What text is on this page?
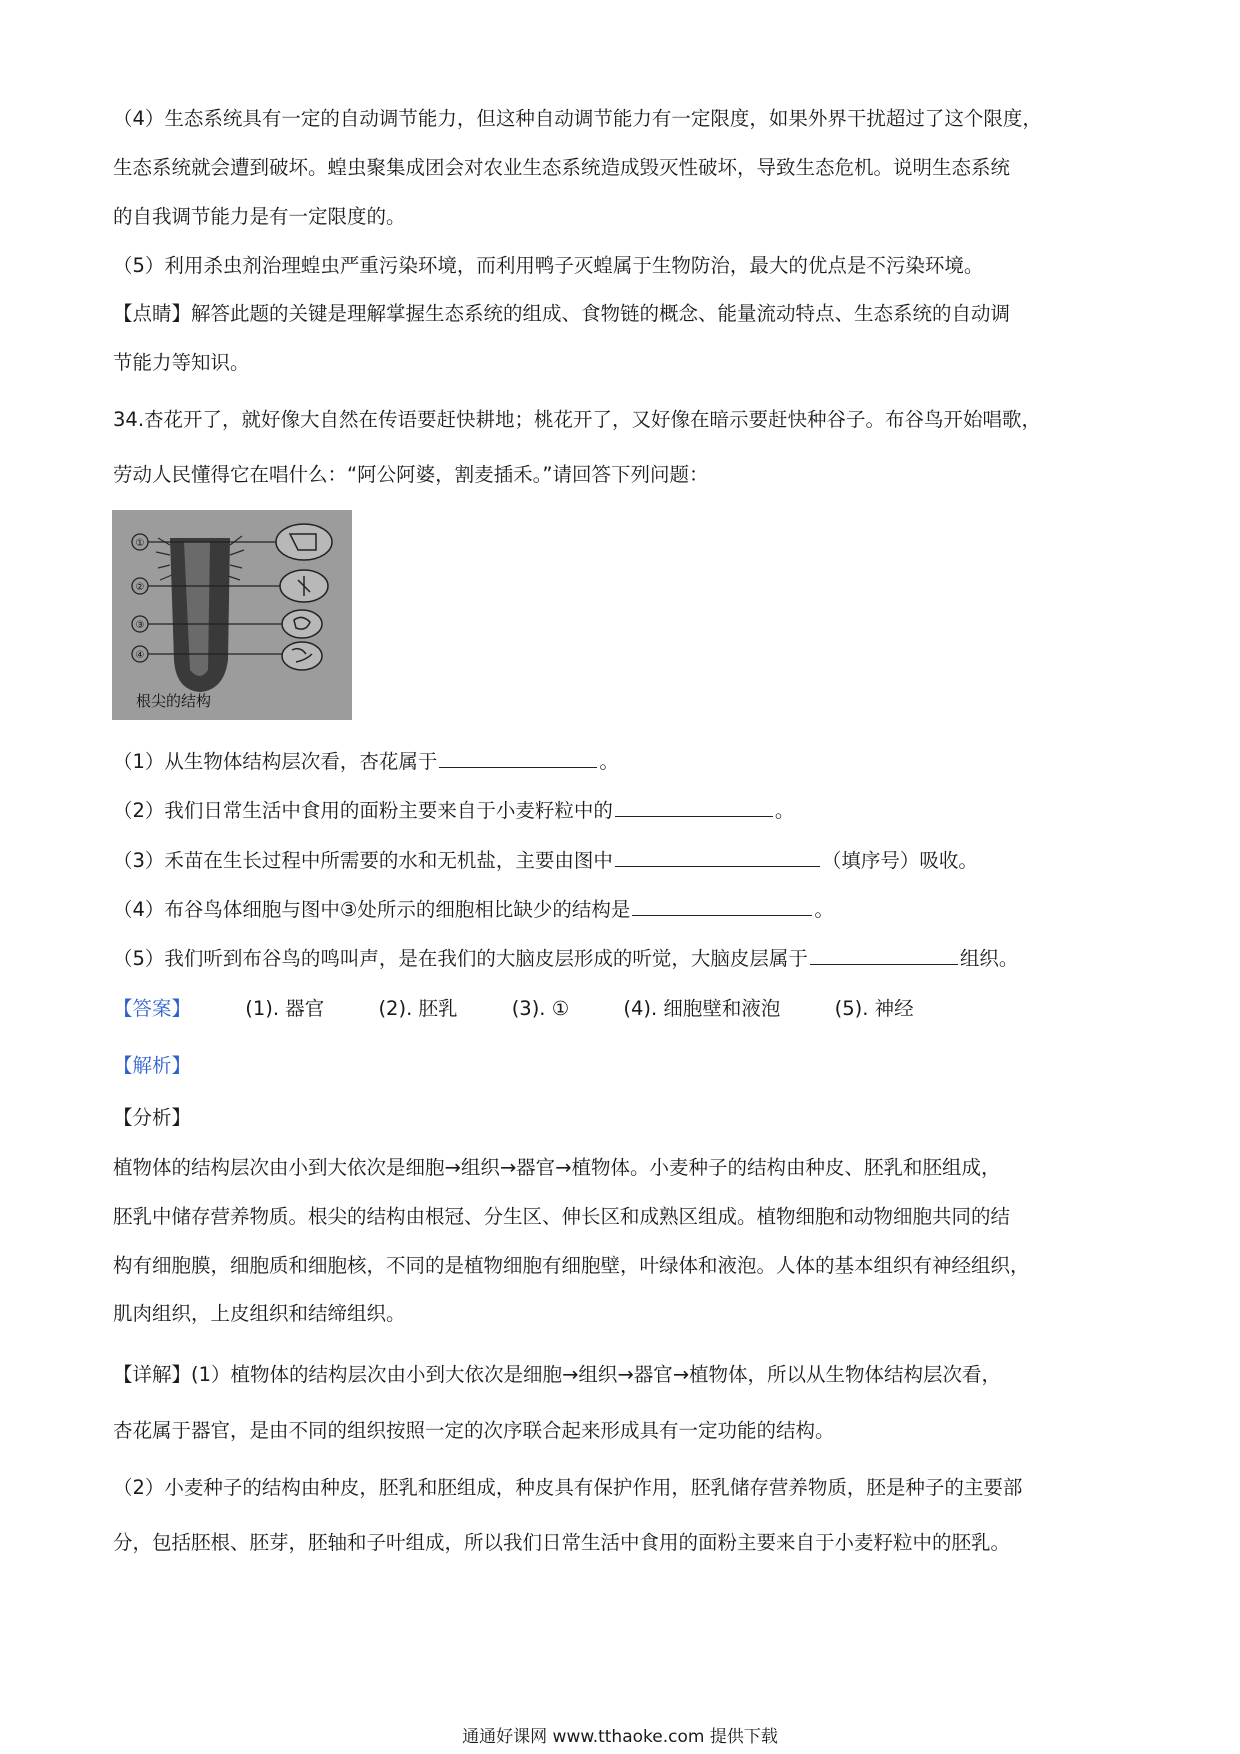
（4）生态系统具有一定的自动调节能力，但这种自动调节能力有一定限度，如果外界干扰超过了这个限度，
生态系统就会遭到破坏。蝗虫聚集成团会对农业生态系统造成毁灭性破坏，导致生态危机。说明生态系统
的自我调节能力是有一定限度的。
（5）利用杀虫剂治理蝗虫严重污染环境，而利用鸭子灭蝗属于生物防治，最大的优点是不污染环境。
【点睛】解答此题的关键是理解掌握生态系统的组成、食物链的概念、能量流动特点、生态系统的自动调
节能力等知识。
34.杏花开了，就好像大自然在传语要赶快耕地；桃花开了，又好像在暗示要赶快种谷子。布谷鸟开始唱歌，
劳动人民懂得它在唱什么：“阿公阿婆，割麦插禾。”请回答下列问题：
①
②
③
④
根尖的结构
（1）从生物体结构层次看，杏花属于	。
（2）我们日常生活中食用的面粉主要来自于小麦籽粒中的	。
（3）禾苗在生长过程中所需要的水和无机盐，主要由图中	（填序号）吸收。
（4）布谷鸟体细胞与图中③处所示的细胞相比缺少的结构是	。
（5）我们听到布谷鸟的鸣叫声，是在我们的大脑皮层形成的听觉，大脑皮层属于	组织。
【答案】	(1). 器官	(2). 胚乳	(3). ①	(4). 细胞壁和液泡	(5). 神经
【解析】
【分析】
植物体的结构层次由小到大依次是细胞→组织→器官→植物体。小麦种子的结构由种皮、胚乳和胚组成，
胚乳中储存营养物质。根尖的结构由根冠、分生区、伸长区和成熟区组成。植物细胞和动物细胞共同的结
构有细胞膜，细胞质和细胞核，不同的是植物细胞有细胞壁，叶绿体和液泡。人体的基本组织有神经组织，
肌肉组织，上皮组织和结缔组织。
【详解】(1）植物体的结构层次由小到大依次是细胞→组织→器官→植物体，所以从生物体结构层次看，
杏花属于器官，是由不同的组织按照一定的次序联合起来形成具有一定功能的结构。
（2）小麦种子的结构由种皮，胚乳和胚组成，种皮具有保护作用，胚乳储存营养物质，胚是种子的主要部
分，包括胚根、胚芽，胚轴和子叶组成，所以我们日常生活中食用的面粉主要来自于小麦籽粒中的胚乳。
通通好课网 www.tthaoke.com 提供下载
